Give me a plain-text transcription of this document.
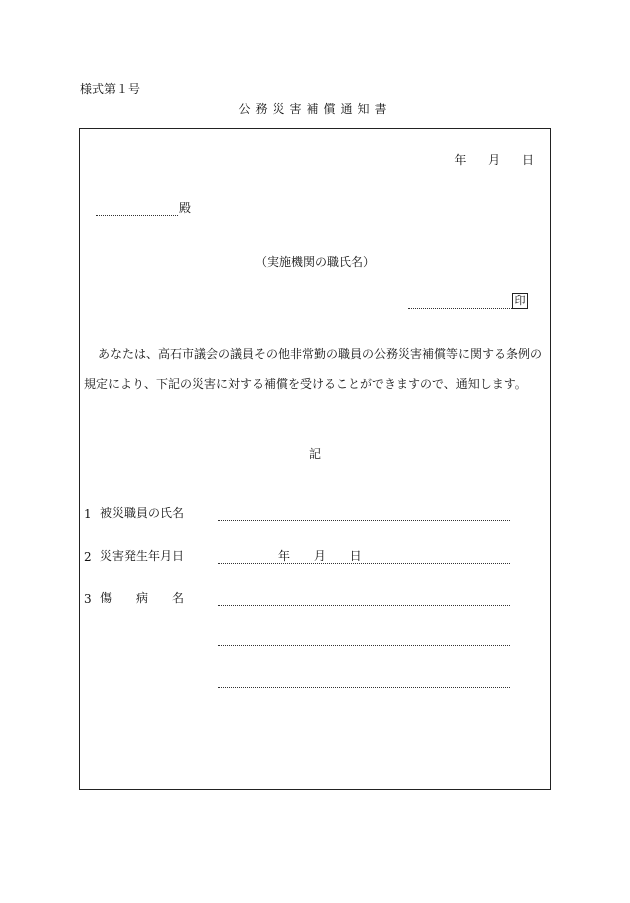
様式第１号
公務災害補償通知書
年 月 日
殿
（実施機関の職氏名）
印
あなたは、高石市議会の議員その他非常勤の職員の公務災害補償等に関する条例の規定により、下記の災害に対する補償を受けることができますので、通知します。
記
1 被災職員の氏名
2 災害発生年月日	年 月 日
3 傷　　病　　名
